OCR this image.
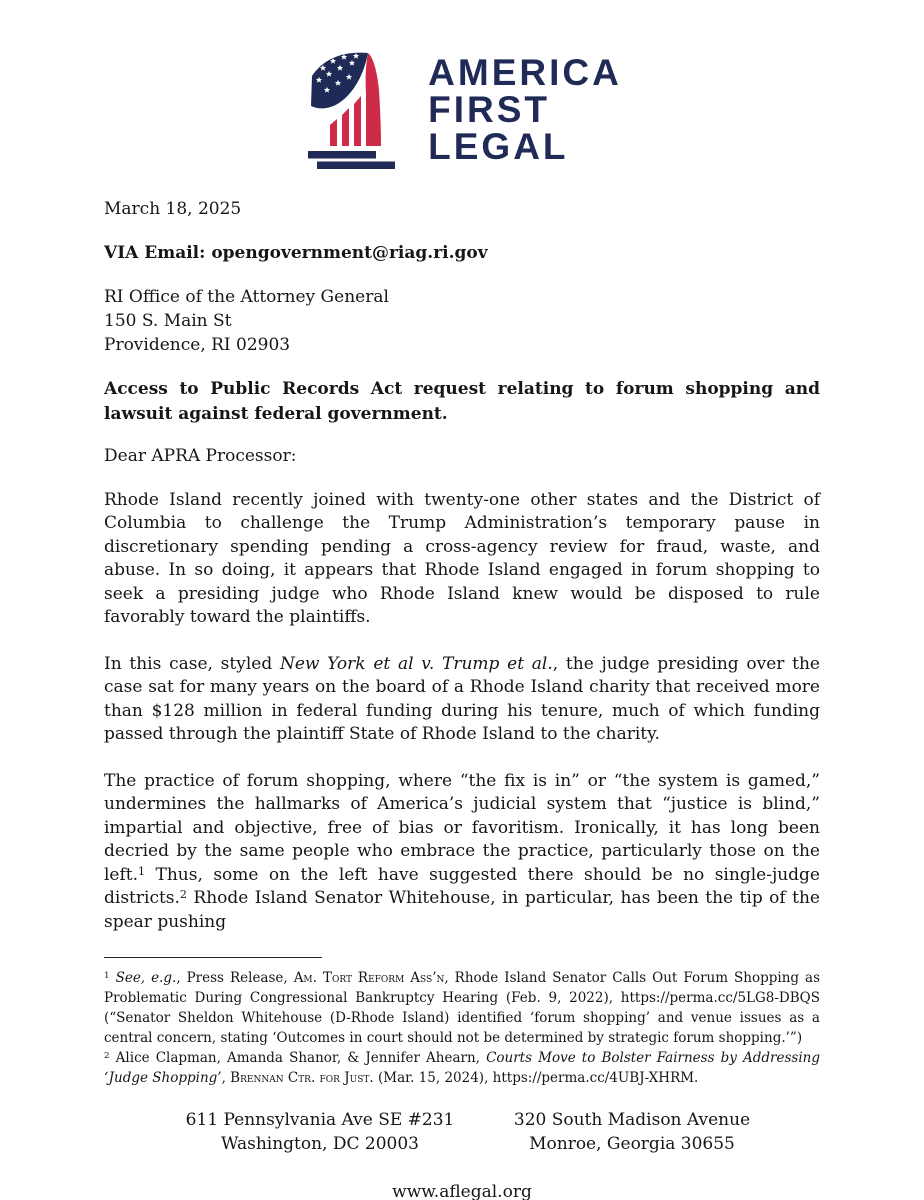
AMERICA
FIRST
LEGAL

March 18, 2025

VIA Email: opengovernment@riag.ri.gov

RI Office of the Attorney General
150 S. Main St
Providence, RI 02903

Access to Public Records Act request relating to forum shopping and lawsuit against federal government.

Dear APRA Processor:

Rhode Island recently joined with twenty-one other states and the District of Columbia to challenge the Trump Administration’s temporary pause in discretionary spending pending a cross-agency review for fraud, waste, and abuse. In so doing, it appears that Rhode Island engaged in forum shopping to seek a presiding judge who Rhode Island knew would be disposed to rule favorably toward the plaintiffs.

In this case, styled New York et al v. Trump et al., the judge presiding over the case sat for many years on the board of a Rhode Island charity that received more than $128 million in federal funding during his tenure, much of which funding passed through the plaintiff State of Rhode Island to the charity.

The practice of forum shopping, where “the fix is in” or “the system is gamed,” undermines the hallmarks of America’s judicial system that “justice is blind,” impartial and objective, free of bias or favoritism. Ironically, it has long been decried by the same people who embrace the practice, particularly those on the left.$^1$ Thus, some on the left have suggested there should be no single-judge districts.$^2$ Rhode Island Senator Whitehouse, in particular, has been the tip of the spear pushing

$^1$ See, e.g., Press Release, Am. Tort Reform Ass’n, Rhode Island Senator Calls Out Forum Shopping as Problematic During Congressional Bankruptcy Hearing (Feb. 9, 2022), https://perma.cc/5LG8-DBQS (“Senator Sheldon Whitehouse (D-Rhode Island) identified ‘forum shopping’ and venue issues as a central concern, stating ‘Outcomes in court should not be determined by strategic forum shopping.’”)

$^2$ Alice Clapman, Amanda Shanor, & Jennifer Ahearn, Courts Move to Bolster Fairness by Addressing ‘Judge Shopping’, Brennan Ctr. for Just. (Mar. 15, 2024), https://perma.cc/4UBJ-XHRM.

611 Pennsylvania Ave SE #231
Washington, DC 20003
320 South Madison Avenue
Monroe, Georgia 30655
www.aflegal.org
